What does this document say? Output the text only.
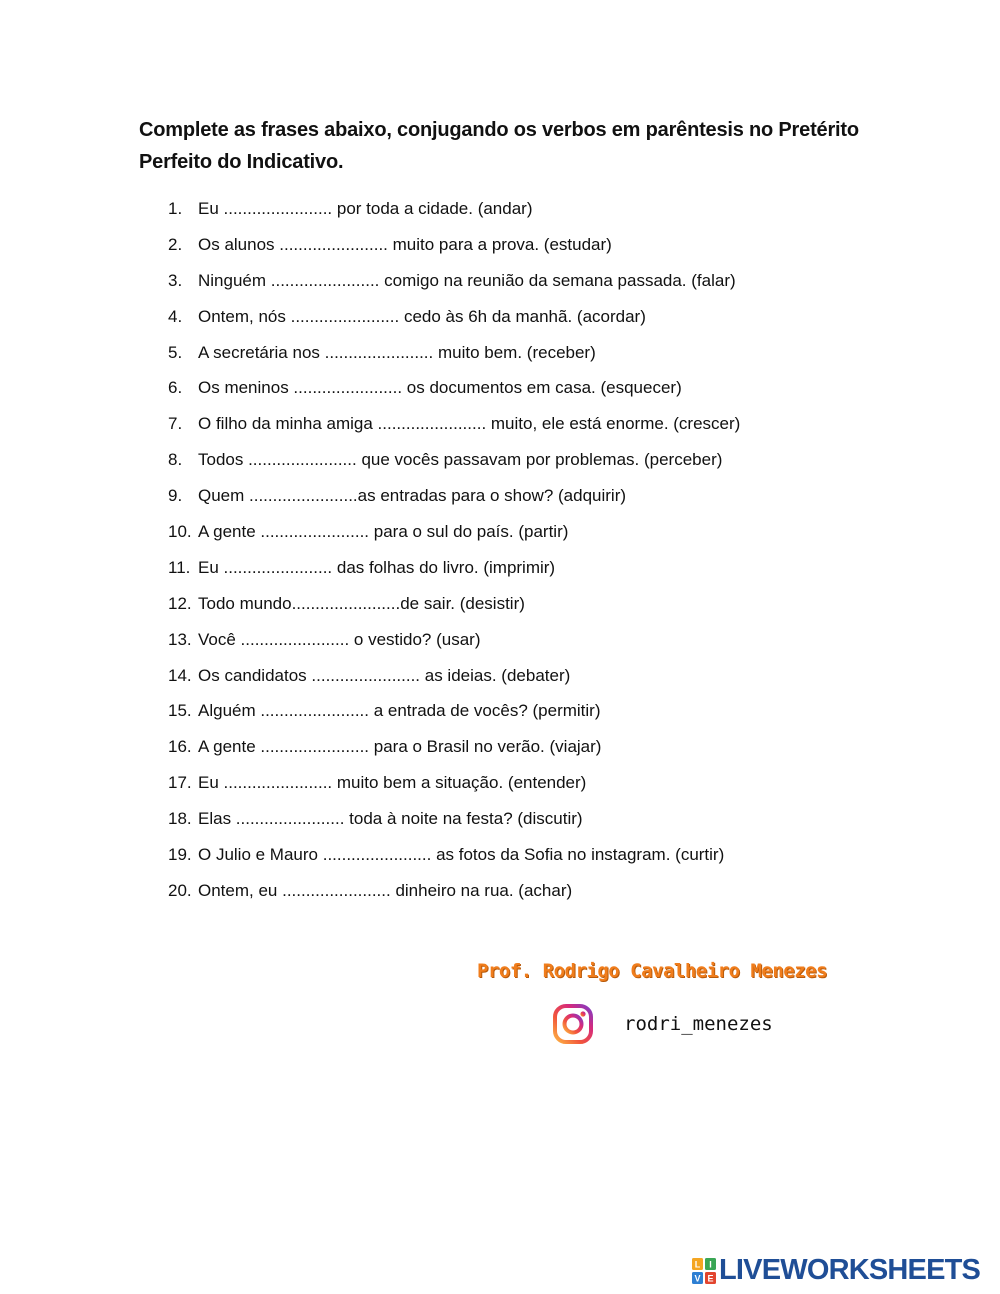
Complete as frases abaixo, conjugando os verbos em parêntesis no Pretérito Perfeito do Indicativo.

1. Eu ....................... por toda a cidade. (andar)
2. Os alunos ....................... muito para a prova. (estudar)
3. Ninguém ....................... comigo na reunião da semana passada. (falar)
4. Ontem, nós ....................... cedo às 6h da manhã. (acordar)
5. A secretária nos ....................... muito bem. (receber)
6. Os meninos ....................... os documentos em casa. (esquecer)
7. O filho da minha amiga ....................... muito, ele está enorme. (crescer)
8. Todos ....................... que vocês passavam por problemas. (perceber)
9. Quem .......................as entradas para o show? (adquirir)
10. A gente ....................... para o sul do país. (partir)
11. Eu ....................... das folhas do livro. (imprimir)
12. Todo mundo.......................de sair. (desistir)
13. Você ....................... o vestido? (usar)
14. Os candidatos ....................... as ideias. (debater)
15. Alguém ....................... a entrada de vocês? (permitir)
16. A gente ....................... para o Brasil no verão. (viajar)
17. Eu ....................... muito bem a situação. (entender)
18. Elas ....................... toda à noite na festa? (discutir)
19. O Julio e Mauro ....................... as fotos da Sofia no instagram. (curtir)
20. Ontem, eu ....................... dinheiro na rua. (achar)
Prof. Rodrigo Cavalheiro Menezes
rodri_menezes
L I
V E LIVEWORKSHEETS
